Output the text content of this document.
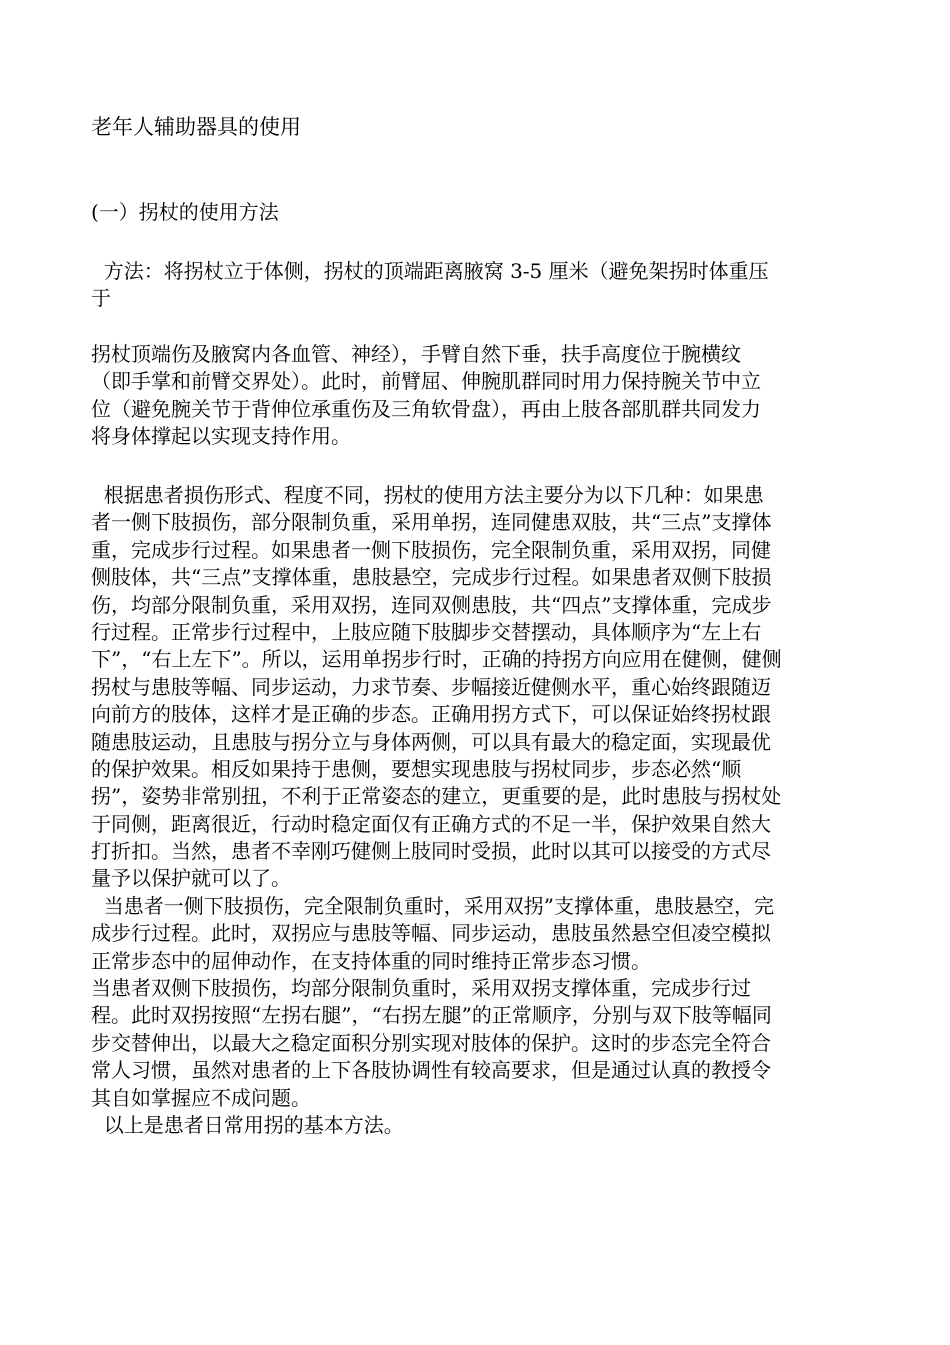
老年人辅助器具的使用
(一）拐杖的使用方法
方法：将拐杖立于体侧，拐杖的顶端距离腋窝 3-5 厘米（避免架拐时体重压
于
拐杖顶端伤及腋窝内各血管、神经），手臂自然下垂，扶手高度位于腕横纹
（即手掌和前臂交界处）。此时，前臂屈、伸腕肌群同时用力保持腕关节中立
位（避免腕关节于背伸位承重伤及三角软骨盘），再由上肢各部肌群共同发力
将身体撑起以实现支持作用。
根据患者损伤形式、程度不同，拐杖的使用方法主要分为以下几种：如果患
者一侧下肢损伤，部分限制负重，采用单拐，连同健患双肢，共“三点”支撑体
重，完成步行过程。如果患者一侧下肢损伤，完全限制负重，采用双拐，同健
侧肢体，共“三点”支撑体重，患肢悬空，完成步行过程。如果患者双侧下肢损
伤，均部分限制负重，采用双拐，连同双侧患肢，共“四点”支撑体重，完成步
行过程。正常步行过程中，上肢应随下肢脚步交替摆动，具体顺序为“左上右
下”，“右上左下”。所以，运用单拐步行时，正确的持拐方向应用在健侧，健侧
拐杖与患肢等幅、同步运动，力求节奏、步幅接近健侧水平，重心始终跟随迈
向前方的肢体，这样才是正确的步态。正确用拐方式下，可以保证始终拐杖跟
随患肢运动，且患肢与拐分立与身体两侧，可以具有最大的稳定面，实现最优
的保护效果。相反如果持于患侧，要想实现患肢与拐杖同步，步态必然“顺
拐”，姿势非常别扭，不利于正常姿态的建立，更重要的是，此时患肢与拐杖处
于同侧，距离很近，行动时稳定面仅有正确方式的不足一半，保护效果自然大
打折扣。当然，患者不幸刚巧健侧上肢同时受损，此时以其可以接受的方式尽
量予以保护就可以了。
当患者一侧下肢损伤，完全限制负重时，采用双拐”支撑体重，患肢悬空，完
成步行过程。此时，双拐应与患肢等幅、同步运动，患肢虽然悬空但凌空模拟
正常步态中的屈伸动作，在支持体重的同时维持正常步态习惯。
当患者双侧下肢损伤，均部分限制负重时，采用双拐支撑体重，完成步行过
程。此时双拐按照“左拐右腿”，“右拐左腿”的正常顺序，分别与双下肢等幅同
步交替伸出，以最大之稳定面积分别实现对肢体的保护。这时的步态完全符合
常人习惯，虽然对患者的上下各肢协调性有较高要求，但是通过认真的教授令
其自如掌握应不成问题。
以上是患者日常用拐的基本方法。
